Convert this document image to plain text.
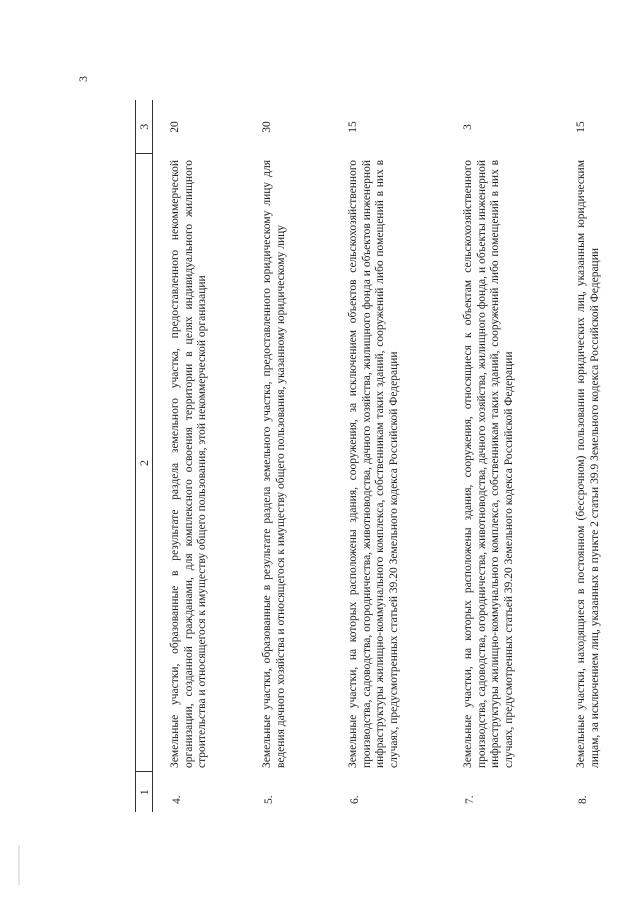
3
1	2	3
4.	Земельные участки, образованные в результате раздела земельного участка, предоставленного некоммерческой организации, созданной гражданами, для комплексного освоения территории в целях индивидуального жилищного строительства и относящегося к имуществу общего пользования, этой некоммерческой организации	20
5.	Земельные участки, образованные в результате раздела земельного участка, предоставленного юридическому лицу для ведения дачного хозяйства и относящегося к имуществу общего пользования, указанному юридическому лицу	30
6.	Земельные участки, на которых расположены здания, сооружения, за исключением объектов сельскохозяйственного производства, садоводства, огородничества, животноводства, дачного хозяйства, жилищного фонда и объектов инженерной инфраструктуры жилищно-коммунального комплекса, собственникам таких зданий, сооружений либо помещений в них в случаях, предусмотренных статьей 39.20 Земельного кодекса Российской Федерации	15
7.	Земельные участки, на которых расположены здания, сооружения, относящиеся к объектам сельскохозяйственного производства, садоводства, огородничества, животноводства, дачного хозяйства, жилищного фонда, и объекты инженерной инфраструктуры жилищно-коммунального комплекса, собственникам таких зданий, сооружений либо помещений в них в случаях, предусмотренных статьей 39.20 Земельного кодекса Российской Федерации	3
8.	Земельные участки, находящиеся в постоянном (бессрочном) пользовании юридических лиц, указанным юридическим лицам, за исключением лиц, указанных в пункте 2 статьи 39.9 Земельного кодекса Российской Федерации	15
